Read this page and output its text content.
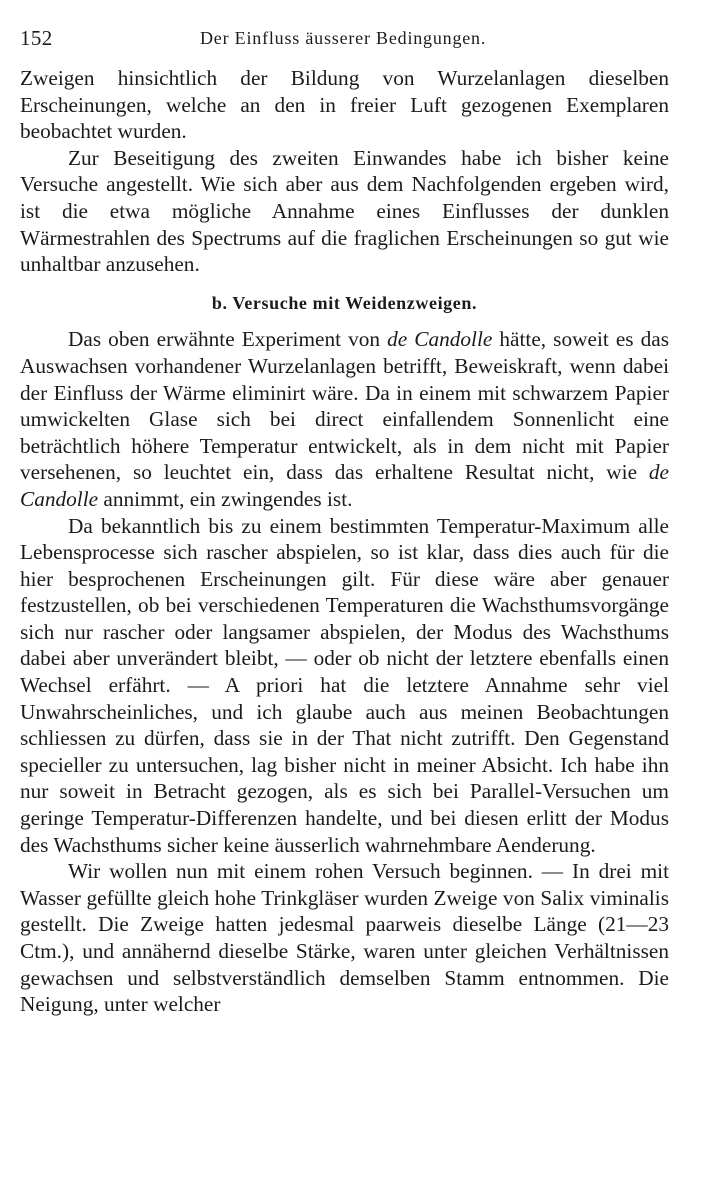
152	Der Einfluss äusserer Bedingungen.

Zweigen hinsichtlich der Bildung von Wurzelanlagen dieselben Erscheinungen, welche an den in freier Luft gezogenen Exemplaren beobachtet wurden.

Zur Beseitigung des zweiten Einwandes habe ich bisher keine Versuche angestellt. Wie sich aber aus dem Nachfolgenden ergeben wird, ist die etwa mögliche Annahme eines Einflusses der dunklen Wärmestrahlen des Spectrums auf die fraglichen Erscheinungen so gut wie unhaltbar anzusehen.

b. Versuche mit Weidenzweigen.

Das oben erwähnte Experiment von de Candolle hätte, soweit es das Auswachsen vorhandener Wurzelanlagen betrifft, Beweiskraft, wenn dabei der Einfluss der Wärme eliminirt wäre. Da in einem mit schwarzem Papier umwickelten Glase sich bei direct einfallendem Sonnenlicht eine beträchtlich höhere Temperatur entwickelt, als in dem nicht mit Papier versehenen, so leuchtet ein, dass das erhaltene Resultat nicht, wie de Candolle annimmt, ein zwingendes ist.

Da bekanntlich bis zu einem bestimmten Temperatur-Maximum alle Lebensprocesse sich rascher abspielen, so ist klar, dass dies auch für die hier besprochenen Erscheinungen gilt. Für diese wäre aber genauer festzustellen, ob bei verschiedenen Temperaturen die Wachsthumsvorgänge sich nur rascher oder langsamer abspielen, der Modus des Wachsthums dabei aber unverändert bleibt, — oder ob nicht der letztere ebenfalls einen Wechsel erfährt. — A priori hat die letztere Annahme sehr viel Unwahrscheinliches, und ich glaube auch aus meinen Beobachtungen schliessen zu dürfen, dass sie in der That nicht zutrifft. Den Gegenstand specieller zu untersuchen, lag bisher nicht in meiner Absicht. Ich habe ihn nur soweit in Betracht gezogen, als es sich bei Parallel-Versuchen um geringe Temperatur-Differenzen handelte, und bei diesen erlitt der Modus des Wachsthums sicher keine äusserlich wahrnehmbare Aenderung.

Wir wollen nun mit einem rohen Versuch beginnen. — In drei mit Wasser gefüllte gleich hohe Trinkgläser wurden Zweige von Salix viminalis gestellt. Die Zweige hatten jedesmal paarweis dieselbe Länge (21—23 Ctm.), und annähernd dieselbe Stärke, waren unter gleichen Verhältnissen gewachsen und selbstverständlich demselben Stamm entnommen. Die Neigung, unter welcher
